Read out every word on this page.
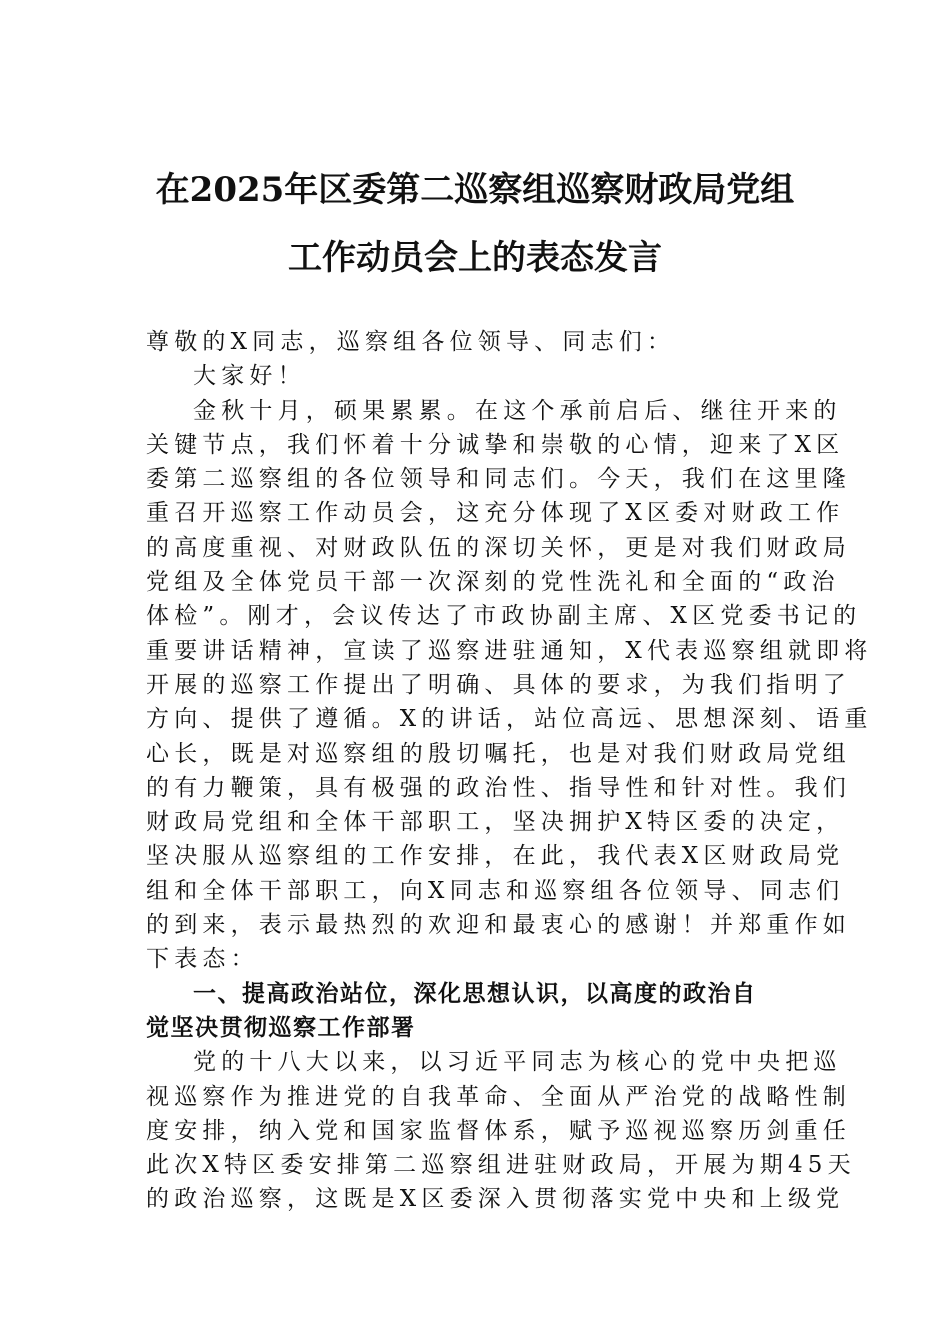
在2025年区委第二巡察组巡察财政局党组
工作动员会上的表态发言
尊敬的X同志，巡察组各位领导、同志们：
大家好！
金秋十月，硕果累累。在这个承前启后、继往开来的
关键节点，我们怀着十分诚挚和崇敬的心情，迎来了X区
委第二巡察组的各位领导和同志们。今天，我们在这里隆
重召开巡察工作动员会，这充分体现了X区委对财政工作
的高度重视、对财政队伍的深切关怀，更是对我们财政局
党组及全体党员干部一次深刻的党性洗礼和全面的“政治
体检”。刚才，会议传达了市政协副主席、X区党委书记的
重要讲话精神，宣读了巡察进驻通知，X代表巡察组就即将
开展的巡察工作提出了明确、具体的要求，为我们指明了
方向、提供了遵循。X的讲话，站位高远、思想深刻、语重
心长，既是对巡察组的殷切嘱托，也是对我们财政局党组
的有力鞭策，具有极强的政治性、指导性和针对性。我们
财政局党组和全体干部职工，坚决拥护X特区委的决定，
坚决服从巡察组的工作安排，在此，我代表X区财政局党
组和全体干部职工，向X同志和巡察组各位领导、同志们
的到来，表示最热烈的欢迎和最衷心的感谢！并郑重作如
下表态：
一、提高政治站位，深化思想认识，以高度的政治自
觉坚决贯彻巡察工作部署
党的十八大以来，以习近平同志为核心的党中央把巡
视巡察作为推进党的自我革命、全面从严治党的战略性制
度安排，纳入党和国家监督体系，赋予巡视巡察历剑重任
此次X特区委安排第二巡察组进驻财政局，开展为期45天
的政治巡察，这既是X区委深入贯彻落实党中央和上级党
